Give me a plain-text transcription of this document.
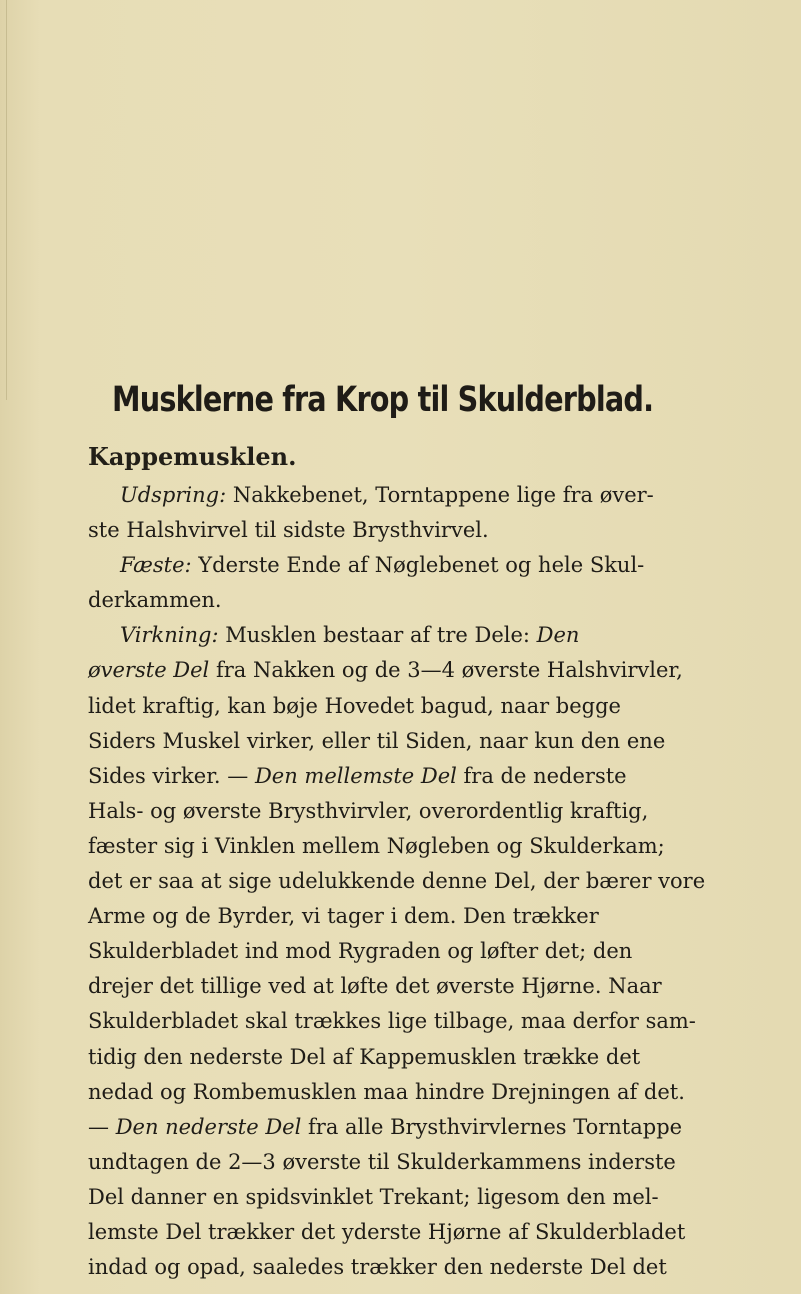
Musklerne fra Krop til Skulderblad.
Kappemusklen.
Udspring: Nakkebenet, Torntappene lige fra øver-
ste Halshvirvel til sidste Brysthvirvel.
Fæste: Yderste Ende af Nøglebenet og hele Skul-
derkammen.
Virkning: Musklen bestaar af tre Dele: Den
øverste Del fra Nakken og de 3—4 øverste Halshvirvler,
lidet kraftig, kan bøje Hovedet bagud, naar begge
Siders Muskel virker, eller til Siden, naar kun den ene
Sides virker. — Den mellemste Del fra de nederste
Hals- og øverste Brysthvirvler, overordentlig kraftig,
fæster sig i Vinklen mellem Nøgleben og Skulderkam;
det er saa at sige udelukkende denne Del, der bærer vore
Arme og de Byrder, vi tager i dem. Den trækker
Skulderbladet ind mod Rygraden og løfter det; den
drejer det tillige ved at løfte det øverste Hjørne. Naar
Skulderbladet skal trækkes lige tilbage, maa derfor sam-
tidig den nederste Del af Kappemusklen trække det
nedad og Rombemusklen maa hindre Drejningen af det.
— Den nederste Del fra alle Brysthvirvlernes Torntappe
undtagen de 2—3 øverste til Skulderkammens inderste
Del danner en spidsvinklet Trekant; ligesom den mel-
lemste Del trækker det yderste Hjørne af Skulderbladet
indad og opad, saaledes trækker den nederste Del det
